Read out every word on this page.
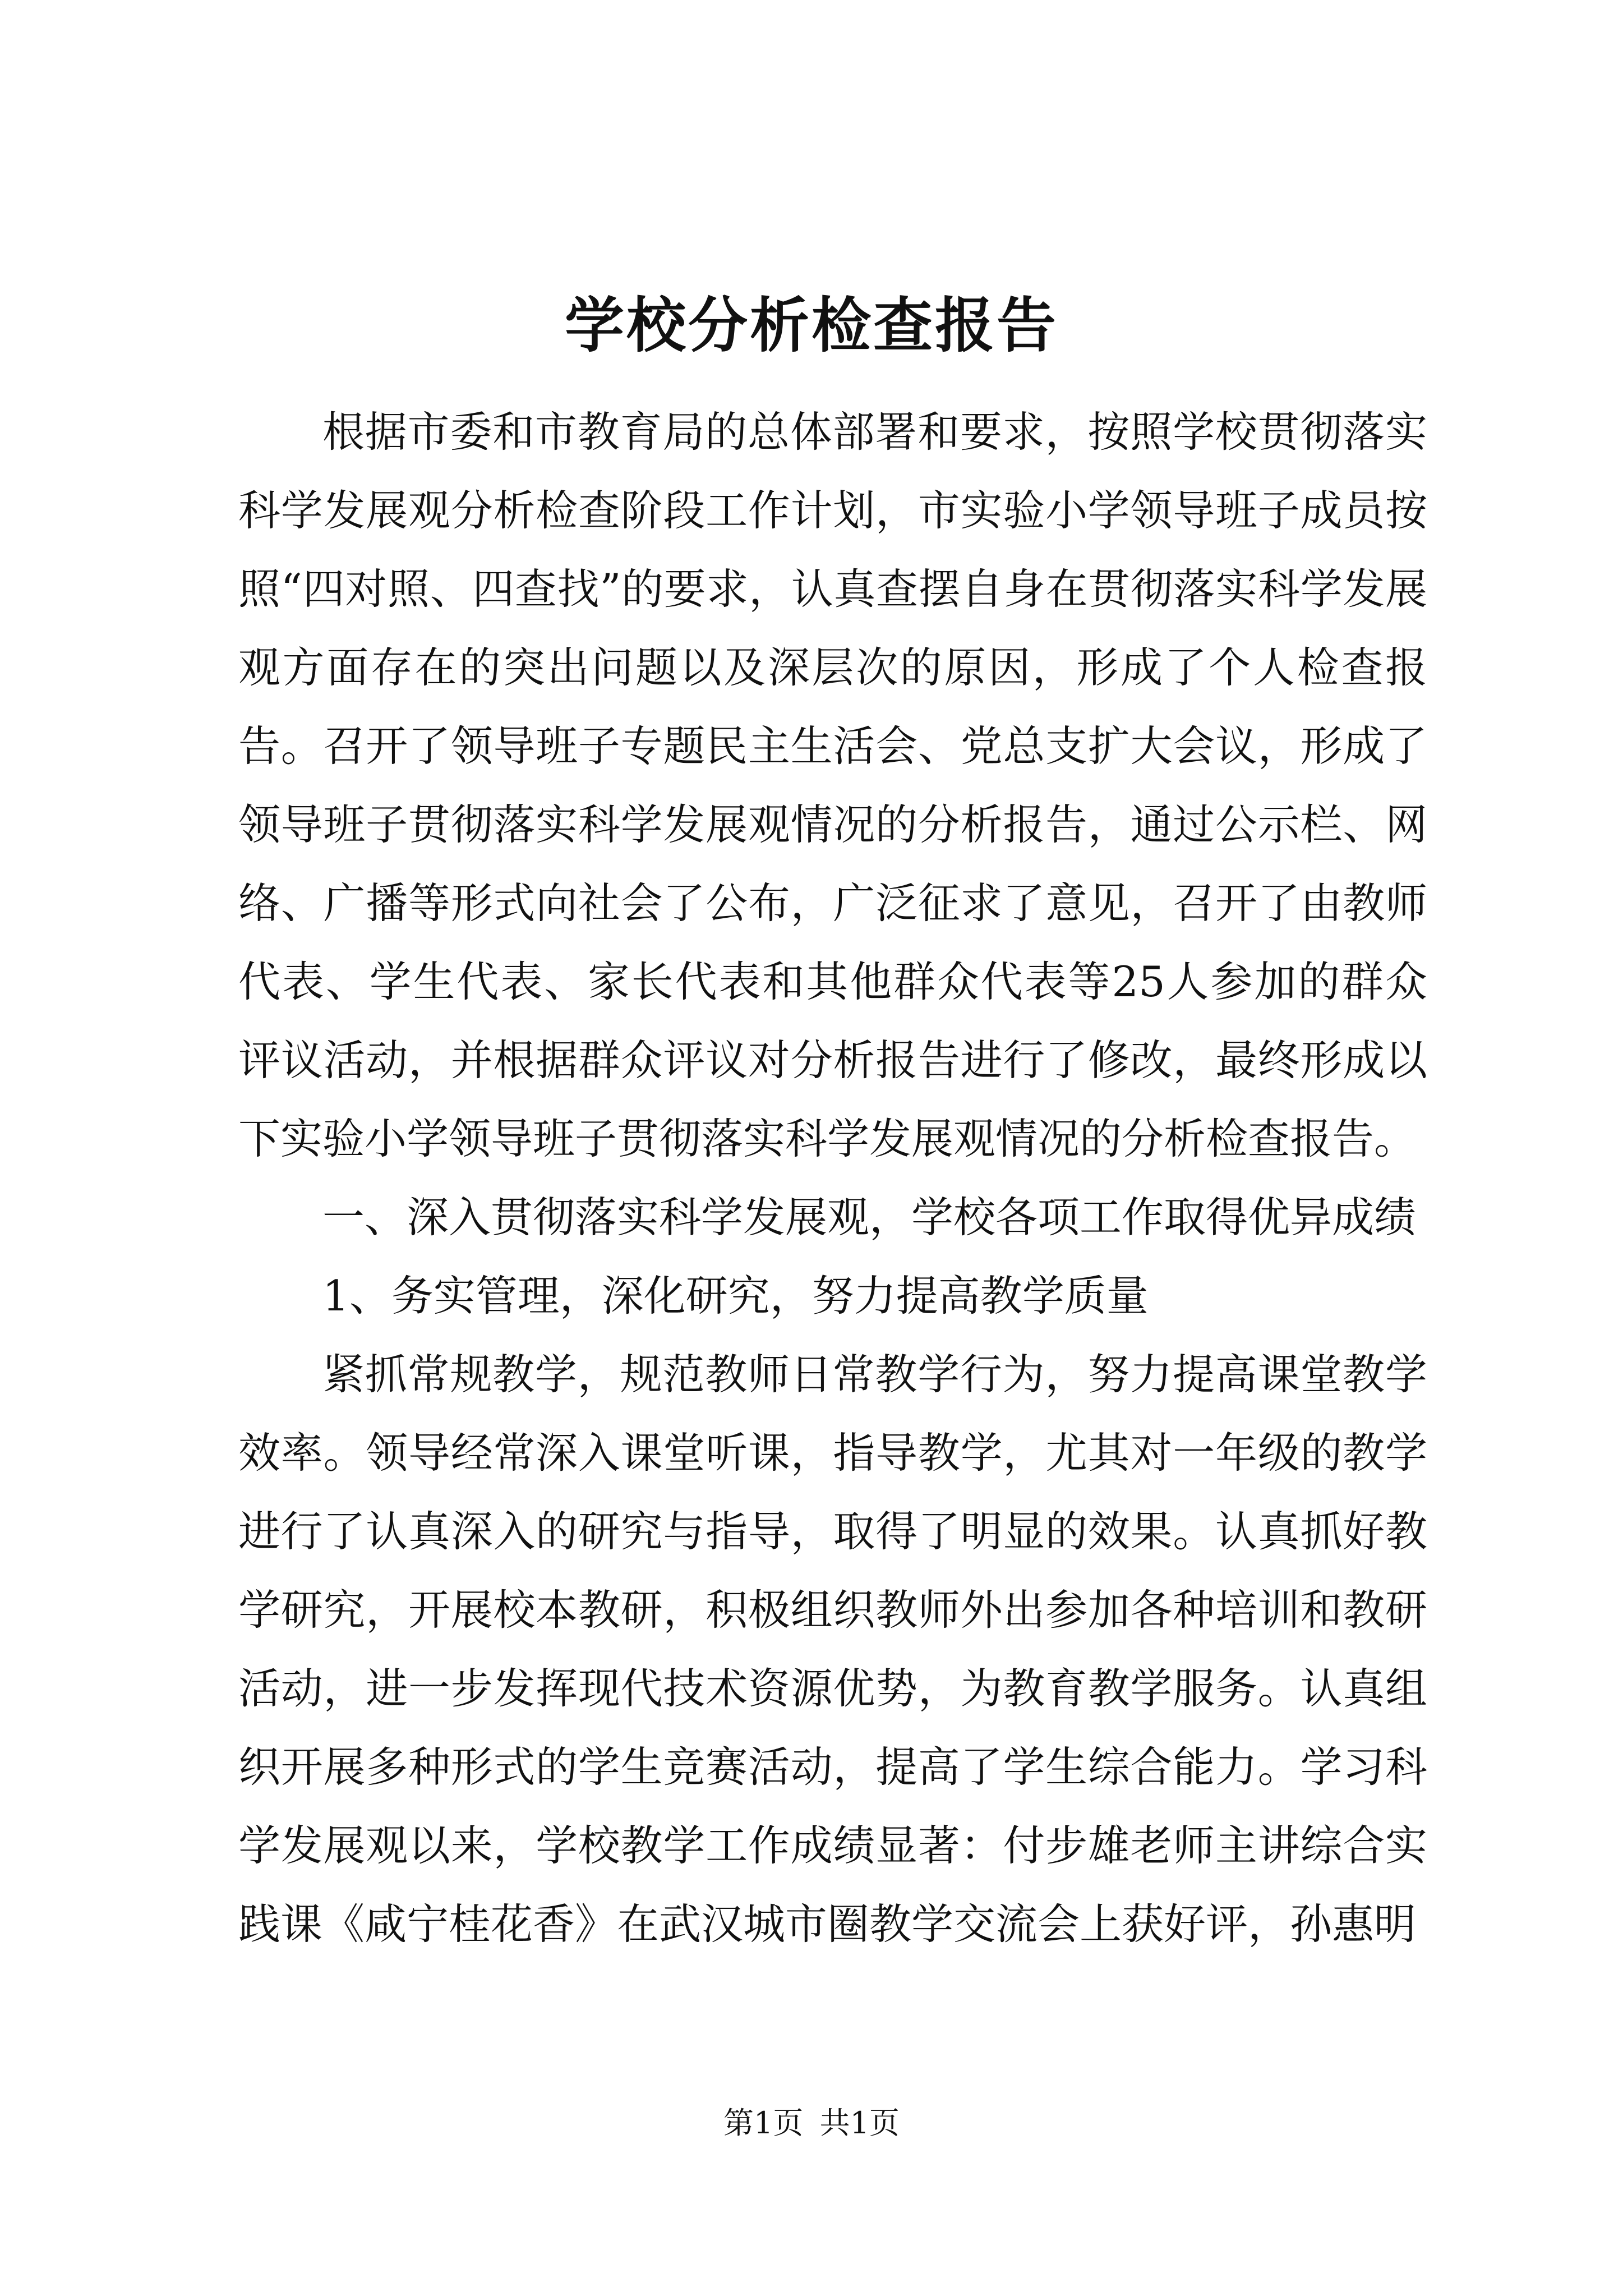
学校分析检查报告

根据市委和市教育局的总体部署和要求，按照学校贯彻落实科学发展观分析检查阶段工作计划，市实验小学领导班子成员按照“四对照、四查找”的要求，认真查摆自身在贯彻落实科学发展观方面存在的突出问题以及深层次的原因，形成了个人检查报告。召开了领导班子专题民主生活会、党总支扩大会议，形成了领导班子贯彻落实科学发展观情况的分析报告，通过公示栏、网络、广播等形式向社会了公布，广泛征求了意见，召开了由教师代表、学生代表、家长代表和其他群众代表等25人参加的群众评议活动，并根据群众评议对分析报告进行了修改，最终形成以下实验小学领导班子贯彻落实科学发展观情况的分析检查报告。

一、深入贯彻落实科学发展观，学校各项工作取得优异成绩

1、务实管理，深化研究，努力提高教学质量

紧抓常规教学，规范教师日常教学行为，努力提高课堂教学效率。领导经常深入课堂听课，指导教学，尤其对一年级的教学进行了认真深入的研究与指导，取得了明显的效果。认真抓好教学研究，开展校本教研，积极组织教师外出参加各种培训和教研活动，进一步发挥现代技术资源优势，为教育教学服务。认真组织开展多种形式的学生竞赛活动，提高了学生综合能力。学习科学发展观以来，学校教学工作成绩显著：付步雄老师主讲综合实践课《咸宁桂花香》在武汉城市圈教学交流会上获好评，孙惠明

第1页 共1页
